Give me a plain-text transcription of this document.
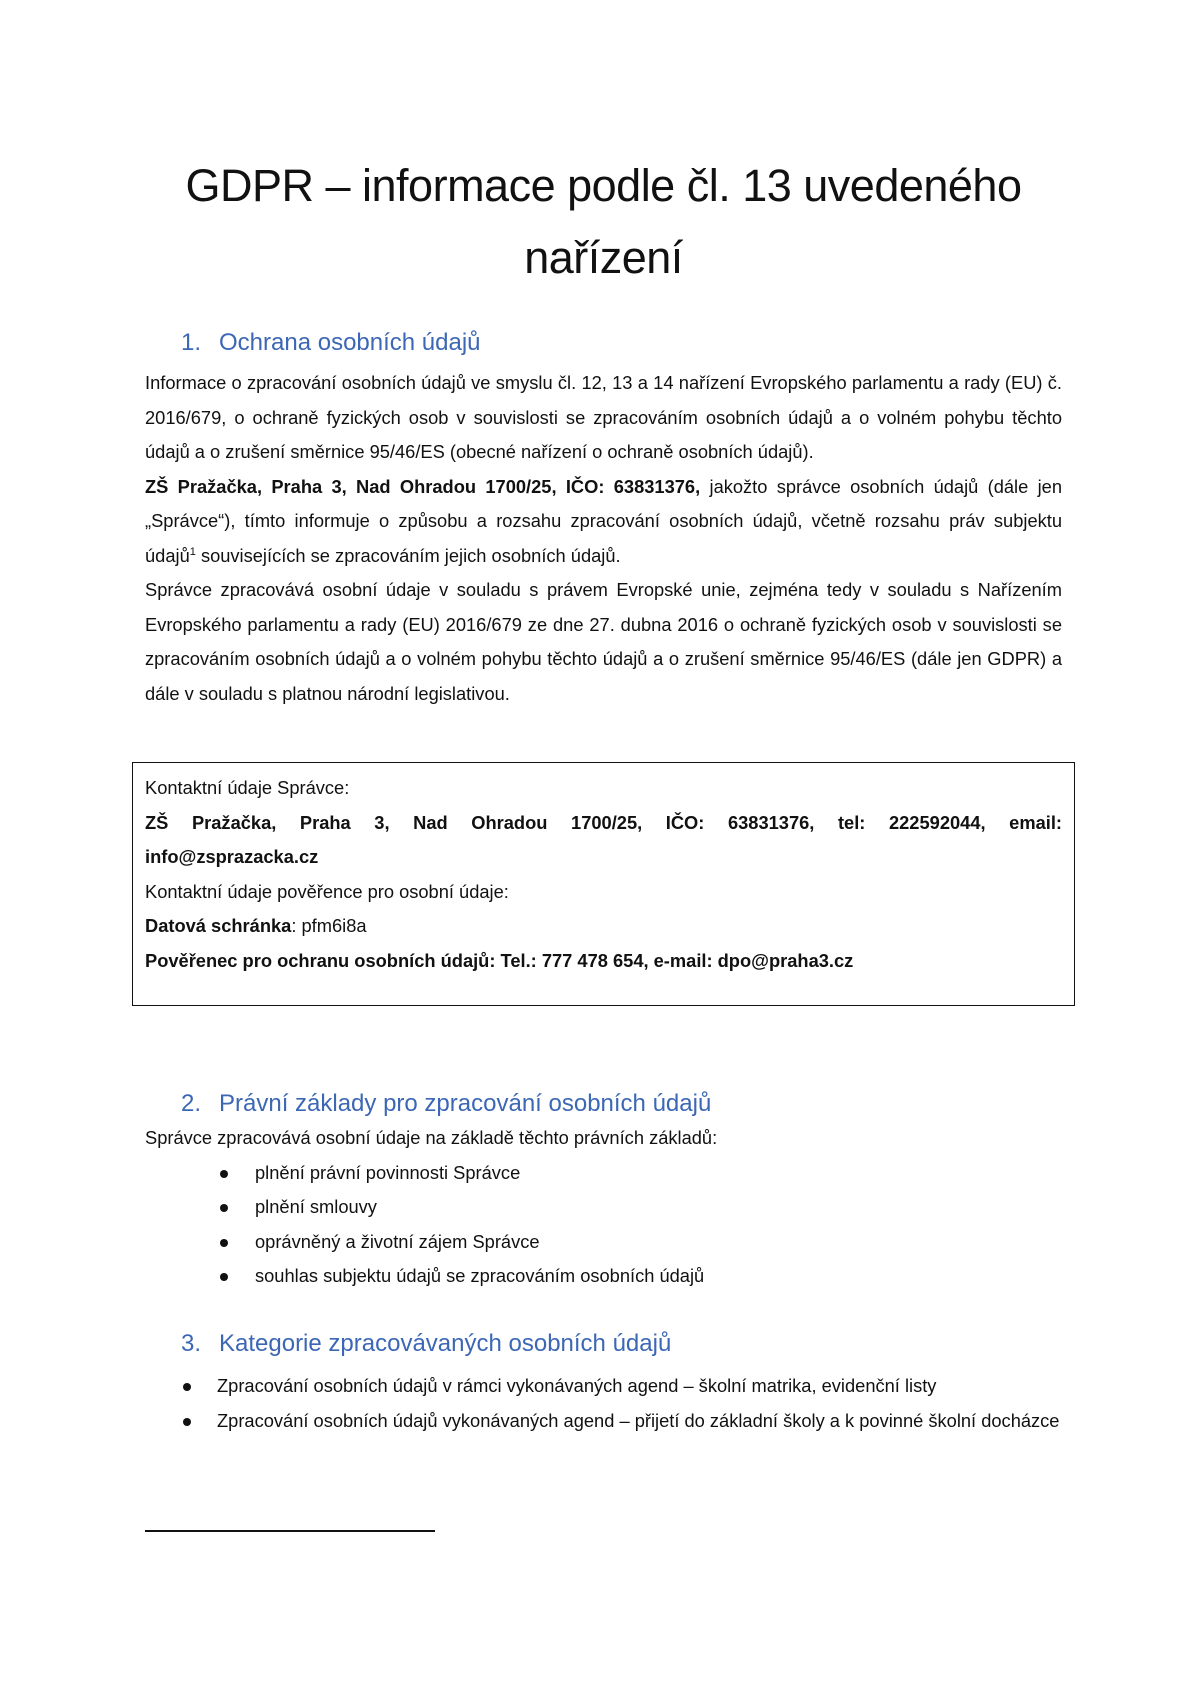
GDPR – informace podle čl. 13 uvedeného nařízení
1. Ochrana osobních údajů

Informace o zpracování osobních údajů ve smyslu čl. 12, 13 a 14 nařízení Evropského parlamentu a rady (EU) č. 2016/679, o ochraně fyzických osob v souvislosti se zpracováním osobních údajů a o volném pohybu těchto údajů a o zrušení směrnice 95/46/ES (obecné nařízení o ochraně osobních údajů).

ZŠ Pražačka, Praha 3, Nad Ohradou 1700/25, IČO: 63831376, jakožto správce osobních údajů (dále jen „Správce“), tímto informuje o způsobu a rozsahu zpracování osobních údajů, včetně rozsahu práv subjektu údajů$^1$ souvisejících se zpracováním jejich osobních údajů.

Správce zpracovává osobní údaje v souladu s právem Evropské unie, zejména tedy v souladu s Nařízením Evropského parlamentu a rady (EU) 2016/679 ze dne 27. dubna 2016 o ochraně fyzických osob v souvislosti se zpracováním osobních údajů a o volném pohybu těchto údajů a o zrušení směrnice 95/46/ES (dále jen GDPR) a dále v souladu s platnou národní legislativou.

Kontaktní údaje Správce:

ZŠ Pražačka, Praha 3, Nad Ohradou 1700/25, IČO: 63831376, tel: 222592044, email:

info@zsprazacka.cz

Kontaktní údaje pověřence pro osobní údaje:

Datová schránka: pfm6i8a

Pověřenec pro ochranu osobních údajů: Tel.: 777 478 654, e-mail: dpo@praha3.cz

2. Právní základy pro zpracování osobních údajů

Správce zpracovává osobní údaje na základě těchto právních základů:

plnění právní povinnosti Správce
plnění smlouvy
oprávněný a životní zájem Správce
souhlas subjektu údajů se zpracováním osobních údajů
3. Kategorie zpracovávaných osobních údajů
Zpracování osobních údajů v rámci vykonávaných agend – školní matrika, evidenční listy
Zpracování osobních údajů vykonávaných agend – přijetí do základní školy a k povinné školní docházce
